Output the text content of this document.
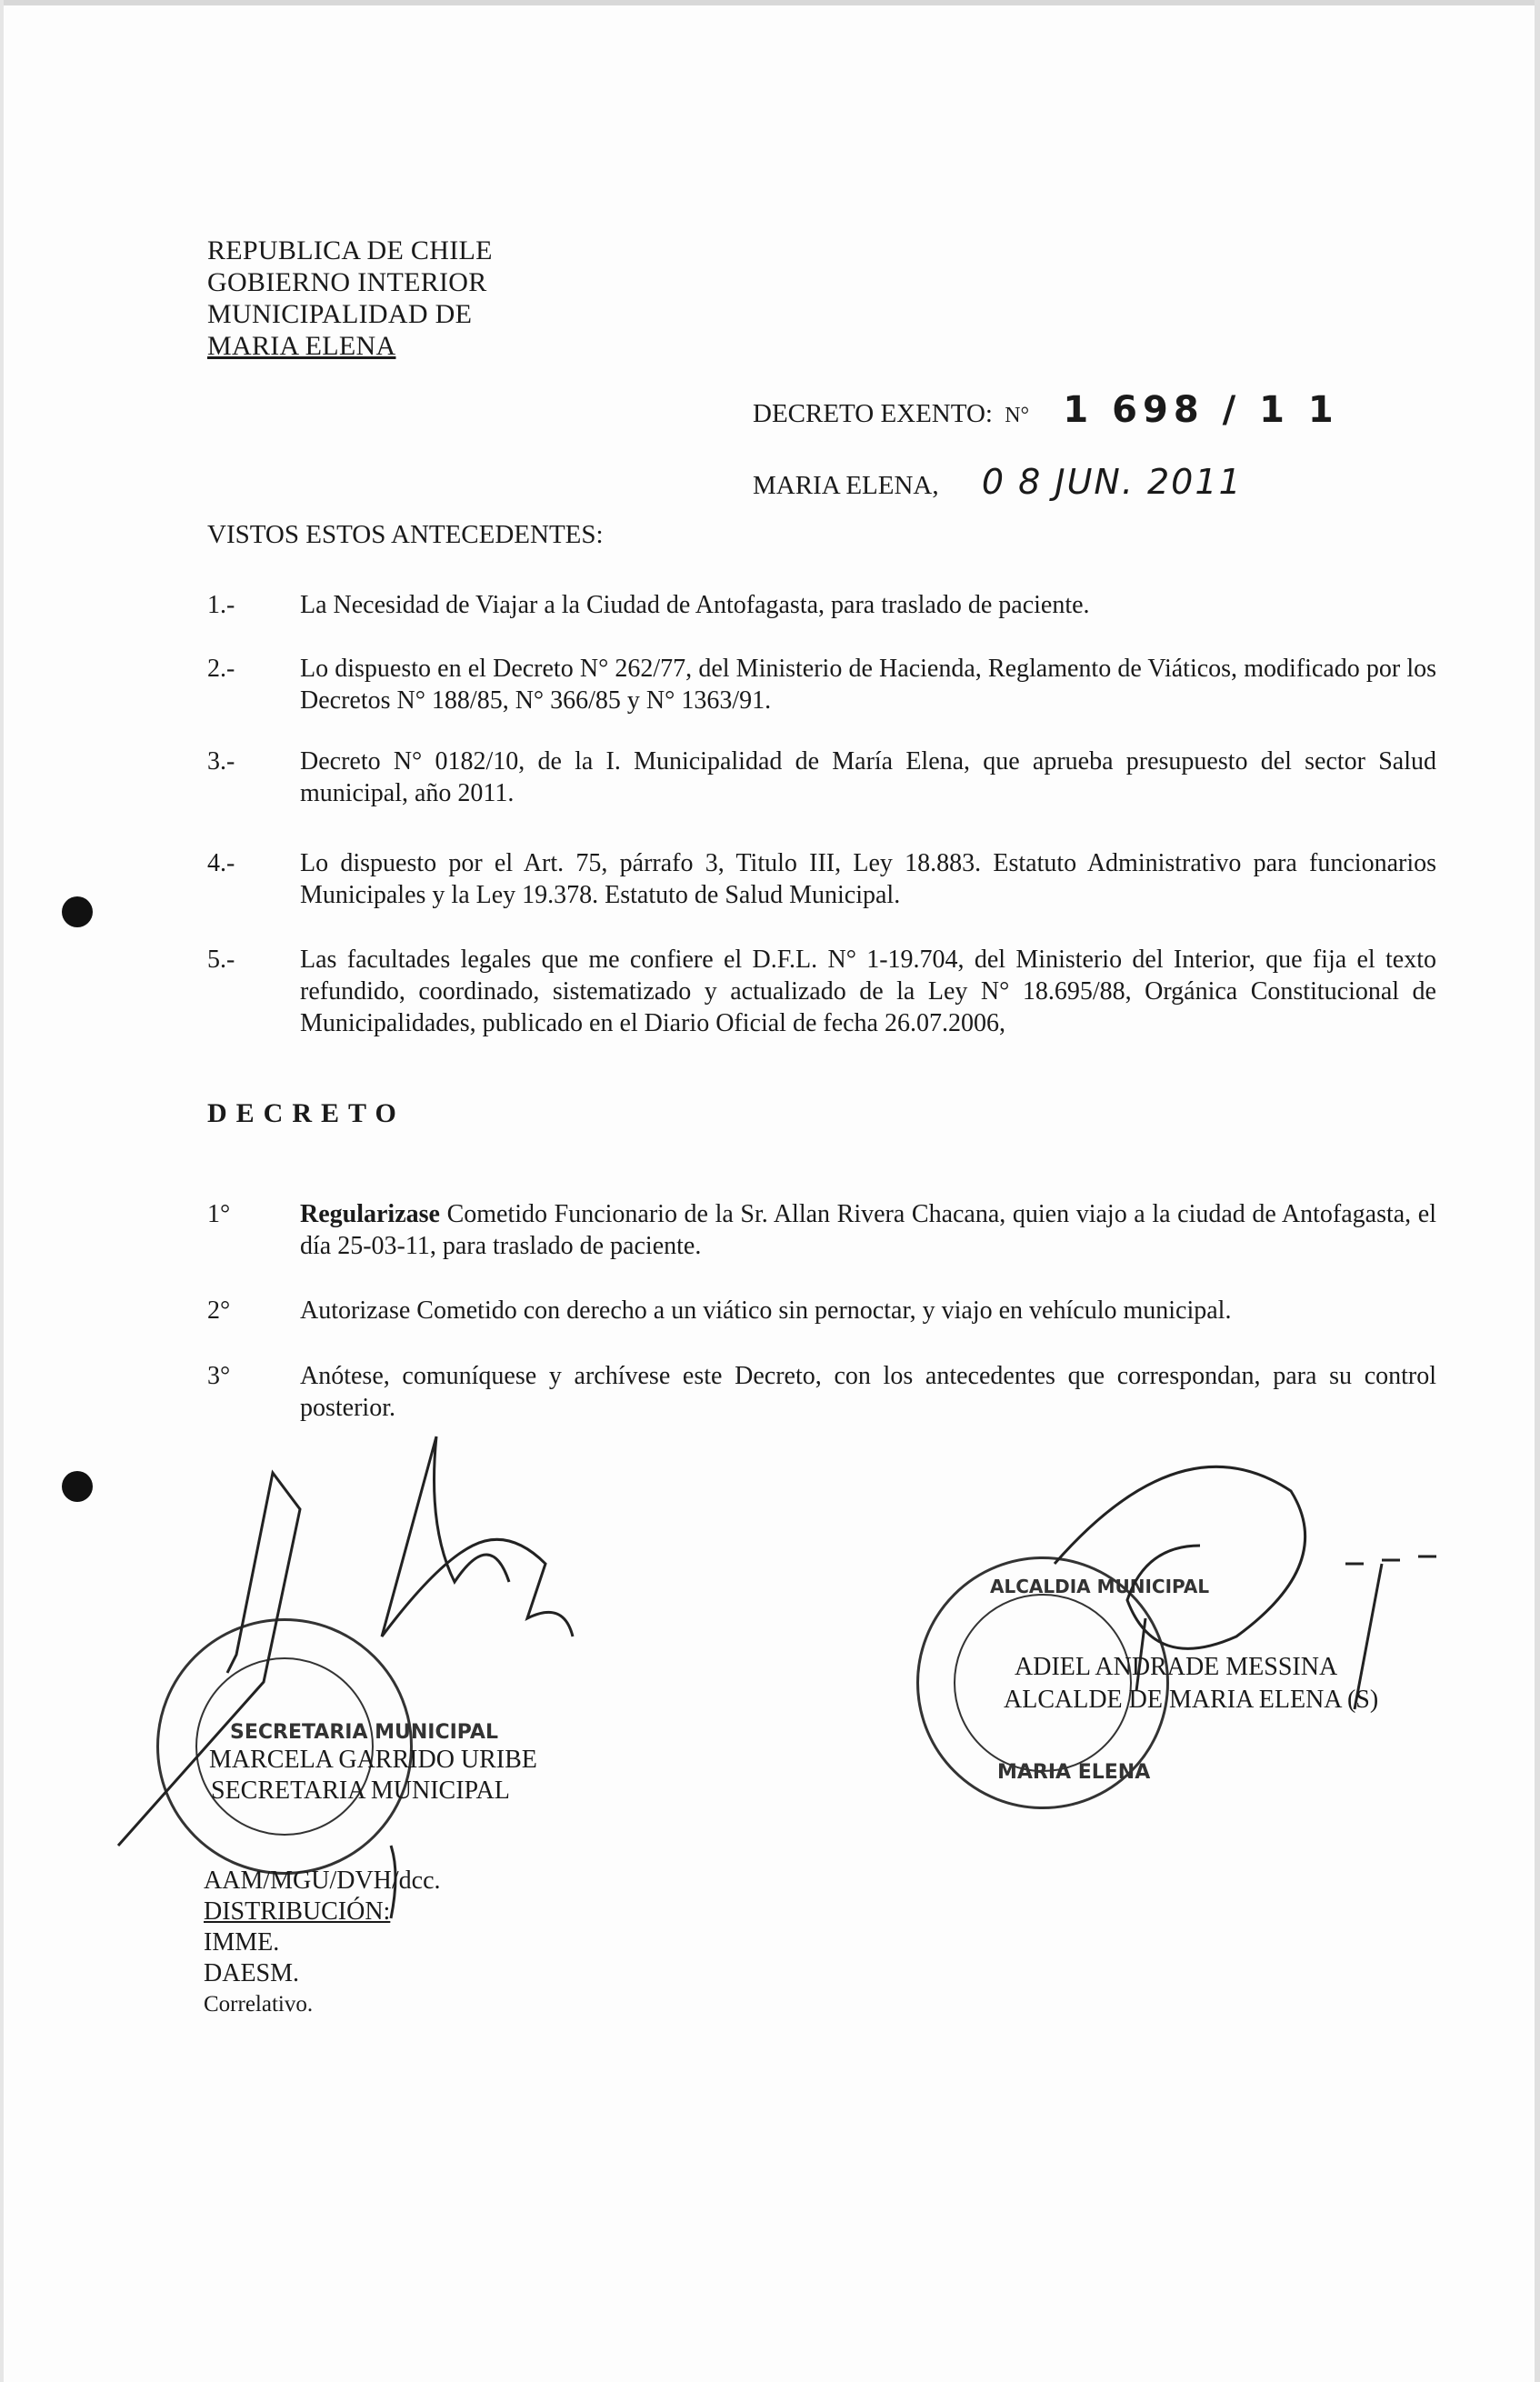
REPUBLICA DE CHILE
GOBIERNO INTERIOR
MUNICIPALIDAD DE
MARIA ELENA
DECRETO EXENTO: N° 1 698 / 1 1
MARIA ELENA, 0 8 JUN. 2011
VISTOS ESTOS ANTECEDENTES:
1.-	La Necesidad de Viajar a la Ciudad de Antofagasta, para traslado de paciente.
2.-	Lo dispuesto en el Decreto N° 262/77, del Ministerio de Hacienda, Reglamento de Viáticos, modificado por los Decretos N° 188/85, N° 366/85 y N° 1363/91.
3.-	Decreto N° 0182/10, de la I. Municipalidad de María Elena, que aprueba presupuesto del sector Salud municipal, año 2011.
4.-	Lo dispuesto por el Art. 75, párrafo 3, Titulo III, Ley 18.883. Estatuto Administrativo para funcionarios Municipales y la Ley 19.378. Estatuto de Salud Municipal.
5.-	Las facultades legales que me confiere el D.F.L. N° 1-19.704, del Ministerio del Interior, que fija el texto refundido, coordinado, sistematizado y actualizado de la Ley N° 18.695/88, Orgánica Constitucional de Municipalidades, publicado en el Diario Oficial de fecha 26.07.2006,
DECRETO
1°	Regularizase Cometido Funcionario de la Sr. Allan Rivera Chacana, quien viajo a la ciudad de Antofagasta, el día 25-03-11, para traslado de paciente.
2°	Autorizase Cometido con derecho a un viático sin pernoctar, y viajo en vehículo municipal.
3°	Anótese, comuníquese y archívese este Decreto, con los antecedentes que correspondan, para su control posterior.
SECRETARIA MUNICIPAL
ALCALDIA MUNICIPAL
MARIA ELENA
MARCELA GARRIDO URIBE
SECRETARIA MUNICIPAL
ADIEL ANDRADE MESSINA
ALCALDE DE MARIA ELENA (S)
AAM/MGU/DVH/dcc.
DISTRIBUCIÓN:
IMME.
DAESM.
Correlativo.
